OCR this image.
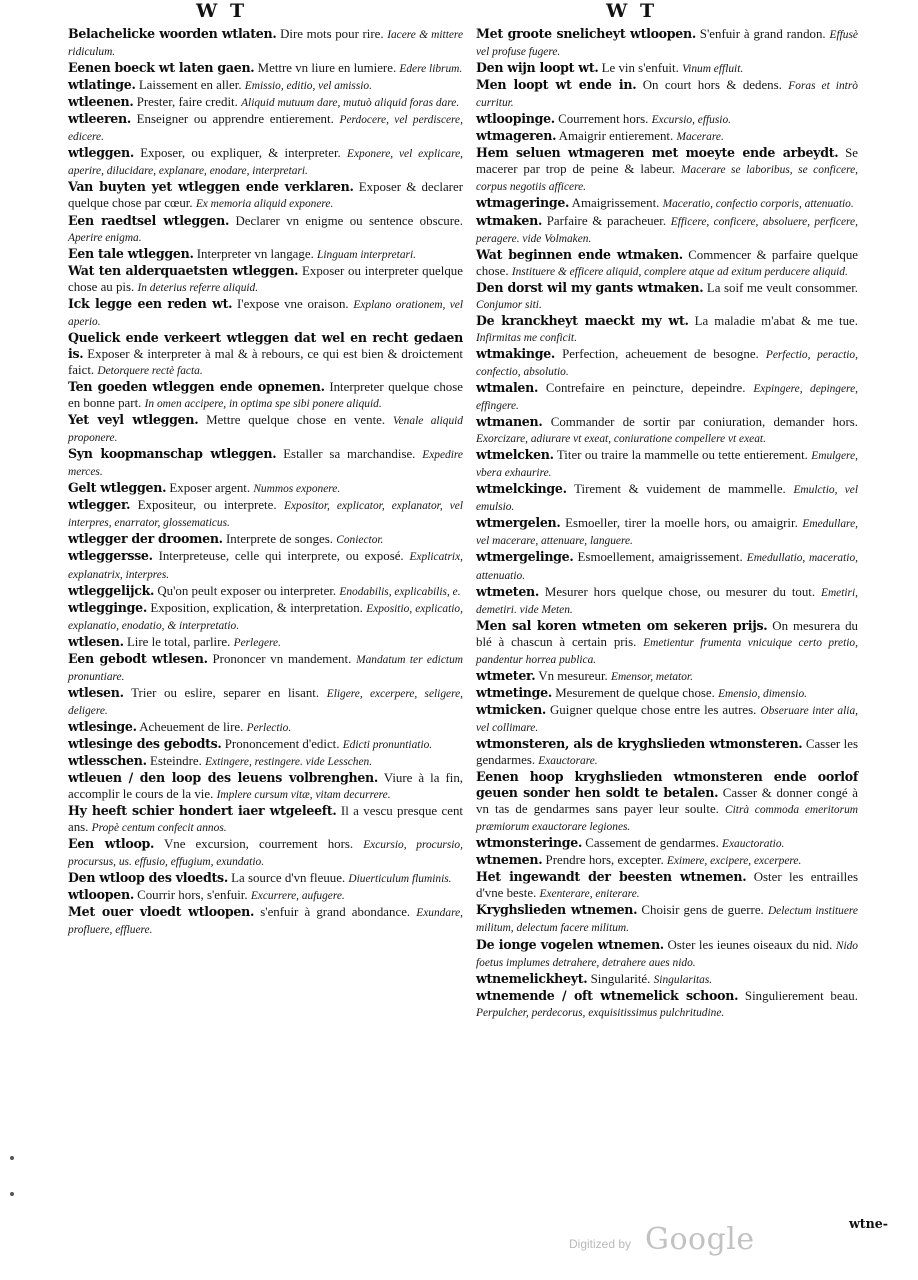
W T	W T

Belachelicke woorden wtlaten. Dire mots pour rire. Iacere & mittere ridiculum.

Eenen boeck wt laten gaen. Mettre vn liure en lumiere. Edere librum.

wtlatinge. Laissement en aller. Emissio, editio, vel amissio.

wtleenen. Prester, faire credit. Aliquid mutuum dare, mutuò aliquid foras dare.

wtleeren. Enseigner ou apprendre entierement. Perdocere, vel perdiscere, edicere.

wtleggen. Exposer, ou expliquer, & interpreter. Exponere, vel explicare, aperire, dilucidare, explanare, enodare, interpretari.

Van buyten yet wtleggen ende verklaren. Exposer & declarer quelque chose par cœur. Ex memoria aliquid exponere.

Een raedtsel wtleggen. Declarer vn enigme ou sentence obscure. Aperire enigma.

Een tale wtleggen. Interpreter vn langage. Linguam interpretari.

Wat ten alderquaetsten wtleggen. Exposer ou interpreter quelque chose au pis. In deterius referre aliquid.

Ick legge een reden wt. I'expose vne oraison. Explano orationem, vel aperio.

Quelick ende verkeert wtleggen dat wel en recht gedaen is. Exposer & interpreter à mal & à rebours, ce qui est bien & droictement faict. Detorquere rectè facta.

Ten goeden wtleggen ende opnemen. Interpreter quelque chose en bonne part. In omen accipere, in optima spe sibi ponere aliquid.

Yet veyl wtleggen. Mettre quelque chose en vente. Venale aliquid proponere.

Syn koopmanschap wtleggen. Estaller sa marchandise. Expedire merces.

Gelt wtleggen. Exposer argent. Nummos exponere.

wtlegger. Expositeur, ou interprete. Expositor, explicator, explanator, vel interpres, enarrator, glossematicus.

wtlegger der droomen. Interprete de songes. Coniector.

wtleggersse. Interpreteuse, celle qui interprete, ou exposé. Explicatrix, explanatrix, interpres.

wtleggelijck. Qu'on peult exposer ou interpreter. Enodabilis, explicabilis, e.

wtlegginge. Exposition, explication, & interpretation. Expositio, explicatio, explanatio, enodatio, & interpretatio.

wtlesen. Lire le total, parlire. Perlegere.

Een gebodt wtlesen. Prononcer vn mandement. Mandatum ter edictum pronuntiare.

wtlesen. Trier ou eslire, separer en lisant. Eligere, excerpere, seligere, deligere.

wtlesinge. Acheuement de lire. Perlectio.

wtlesinge des gebodts. Prononcement d'edict. Edicti pronuntiatio.

wtlesschen. Esteindre. Extingere, restingere. vide Lesschen.

wtleuen / den loop des leuens volbrenghen. Viure à la fin, accomplir le cours de la vie. Implere cursum vitæ, vitam decurrere.

Hy heeft schier hondert iaer wtgeleeft. Il a vescu presque cent ans. Propè centum confecit annos.

Een wtloop. Vne excursion, courrement hors. Excursio, procursio, procursus, us. effusio, effugium, exundatio.

Den wtloop des vloedts. La source d'vn fleuue. Diuerticulum fluminis.

wtloopen. Courrir hors, s'enfuir. Excurrere, aufugere.

Met ouer vloedt wtloopen. s'enfuir à grand abondance. Exundare, profluere, effluere.

Met groote snelicheyt wtloopen. S'enfuir à grand randon. Effusè vel profuse fugere.

Den wijn loopt wt. Le vin s'enfuit. Vinum effluit.

Men loopt wt ende in. On court hors & dedens. Foras et intrò curritur.

wtloopinge. Courrement hors. Excursio, effusio.

wtmageren. Amaigrir entierement. Macerare.

Hem seluen wtmageren met moeyte ende arbeydt. Se macerer par trop de peine & labeur. Macerare se laboribus, se conficere, corpus negotiis afficere.

wtmageringe. Amaigrissement. Maceratio, confectio corporis, attenuatio.

wtmaken. Parfaire & paracheuer. Efficere, conficere, absoluere, perficere, peragere. vide Volmaken.

Wat beginnen ende wtmaken. Commencer & parfaire quelque chose. Instituere & efficere aliquid, complere atque ad exitum perducere aliquid.

Den dorst wil my gants wtmaken. La soif me veult consommer. Conjumor siti.

De kranckheyt maeckt my wt. La maladie m'abat & me tue. Infirmitas me conficit.

wtmakinge. Perfection, acheuement de besogne. Perfectio, peractio, confectio, absolutio.

wtmalen. Contrefaire en peincture, depeindre. Expingere, depingere, effingere.

wtmanen. Commander de sortir par coniuration, demander hors. Exorcizare, adiurare vt exeat, coniuratione compellere vt exeat.

wtmelcken. Titer ou traire la mammelle ou tette entierement. Emulgere, vbera exhaurire.

wtmelckinge. Tirement & vuidement de mammelle. Emulctio, vel emulsio.

wtmergelen. Esmoeller, tirer la moelle hors, ou amaigrir. Emedullare, vel macerare, attenuare, languere.

wtmergelinge. Esmoellement, amaigrissement. Emedullatio, maceratio, attenuatio.

wtmeten. Mesurer hors quelque chose, ou mesurer du tout. Emetiri, demetiri. vide Meten.

Men sal koren wtmeten om sekeren prijs. On mesurera du blé à chascun à certain pris. Emetientur frumenta vnicuique certo pretio, pandentur horrea publica.

wtmeter. Vn mesureur. Emensor, metator.

wtmetinge. Mesurement de quelque chose. Emensio, dimensio.

wtmicken. Guigner quelque chose entre les autres. Obseruare inter alia, vel collimare.

wtmonsteren, als de kryghslieden wtmonsteren. Casser les gendarmes. Exauctorare.

Eenen hoop kryghslieden wtmonsteren ende oorlof geuen sonder hen soldt te betalen. Casser & donner congé à vn tas de gendarmes sans payer leur soulte. Citrà commoda emeritorum præmiorum exauctorare legiones.

wtmonsteringe. Cassement de gendarmes. Exauctoratio.

wtnemen. Prendre hors, excepter. Eximere, excipere, excerpere.

Het ingewandt der beesten wtnemen. Oster les entrailles d'vne beste. Exenterare, eniterare.

Kryghslieden wtnemen. Choisir gens de guerre. Delectum instituere militum, delectum facere militum.

De ionge vogelen wtnemen. Oster les ieunes oiseaux du nid. Nido foetus implumes detrahere, detrahere aues nido.

wtnemelickheyt. Singularité. Singularitas.

wtnemende / oft wtnemelick schoon. Singulierement beau. Perpulcher, perdecorus, exquisitissimus pulchritudine.

wtne-
Digitized by Google
